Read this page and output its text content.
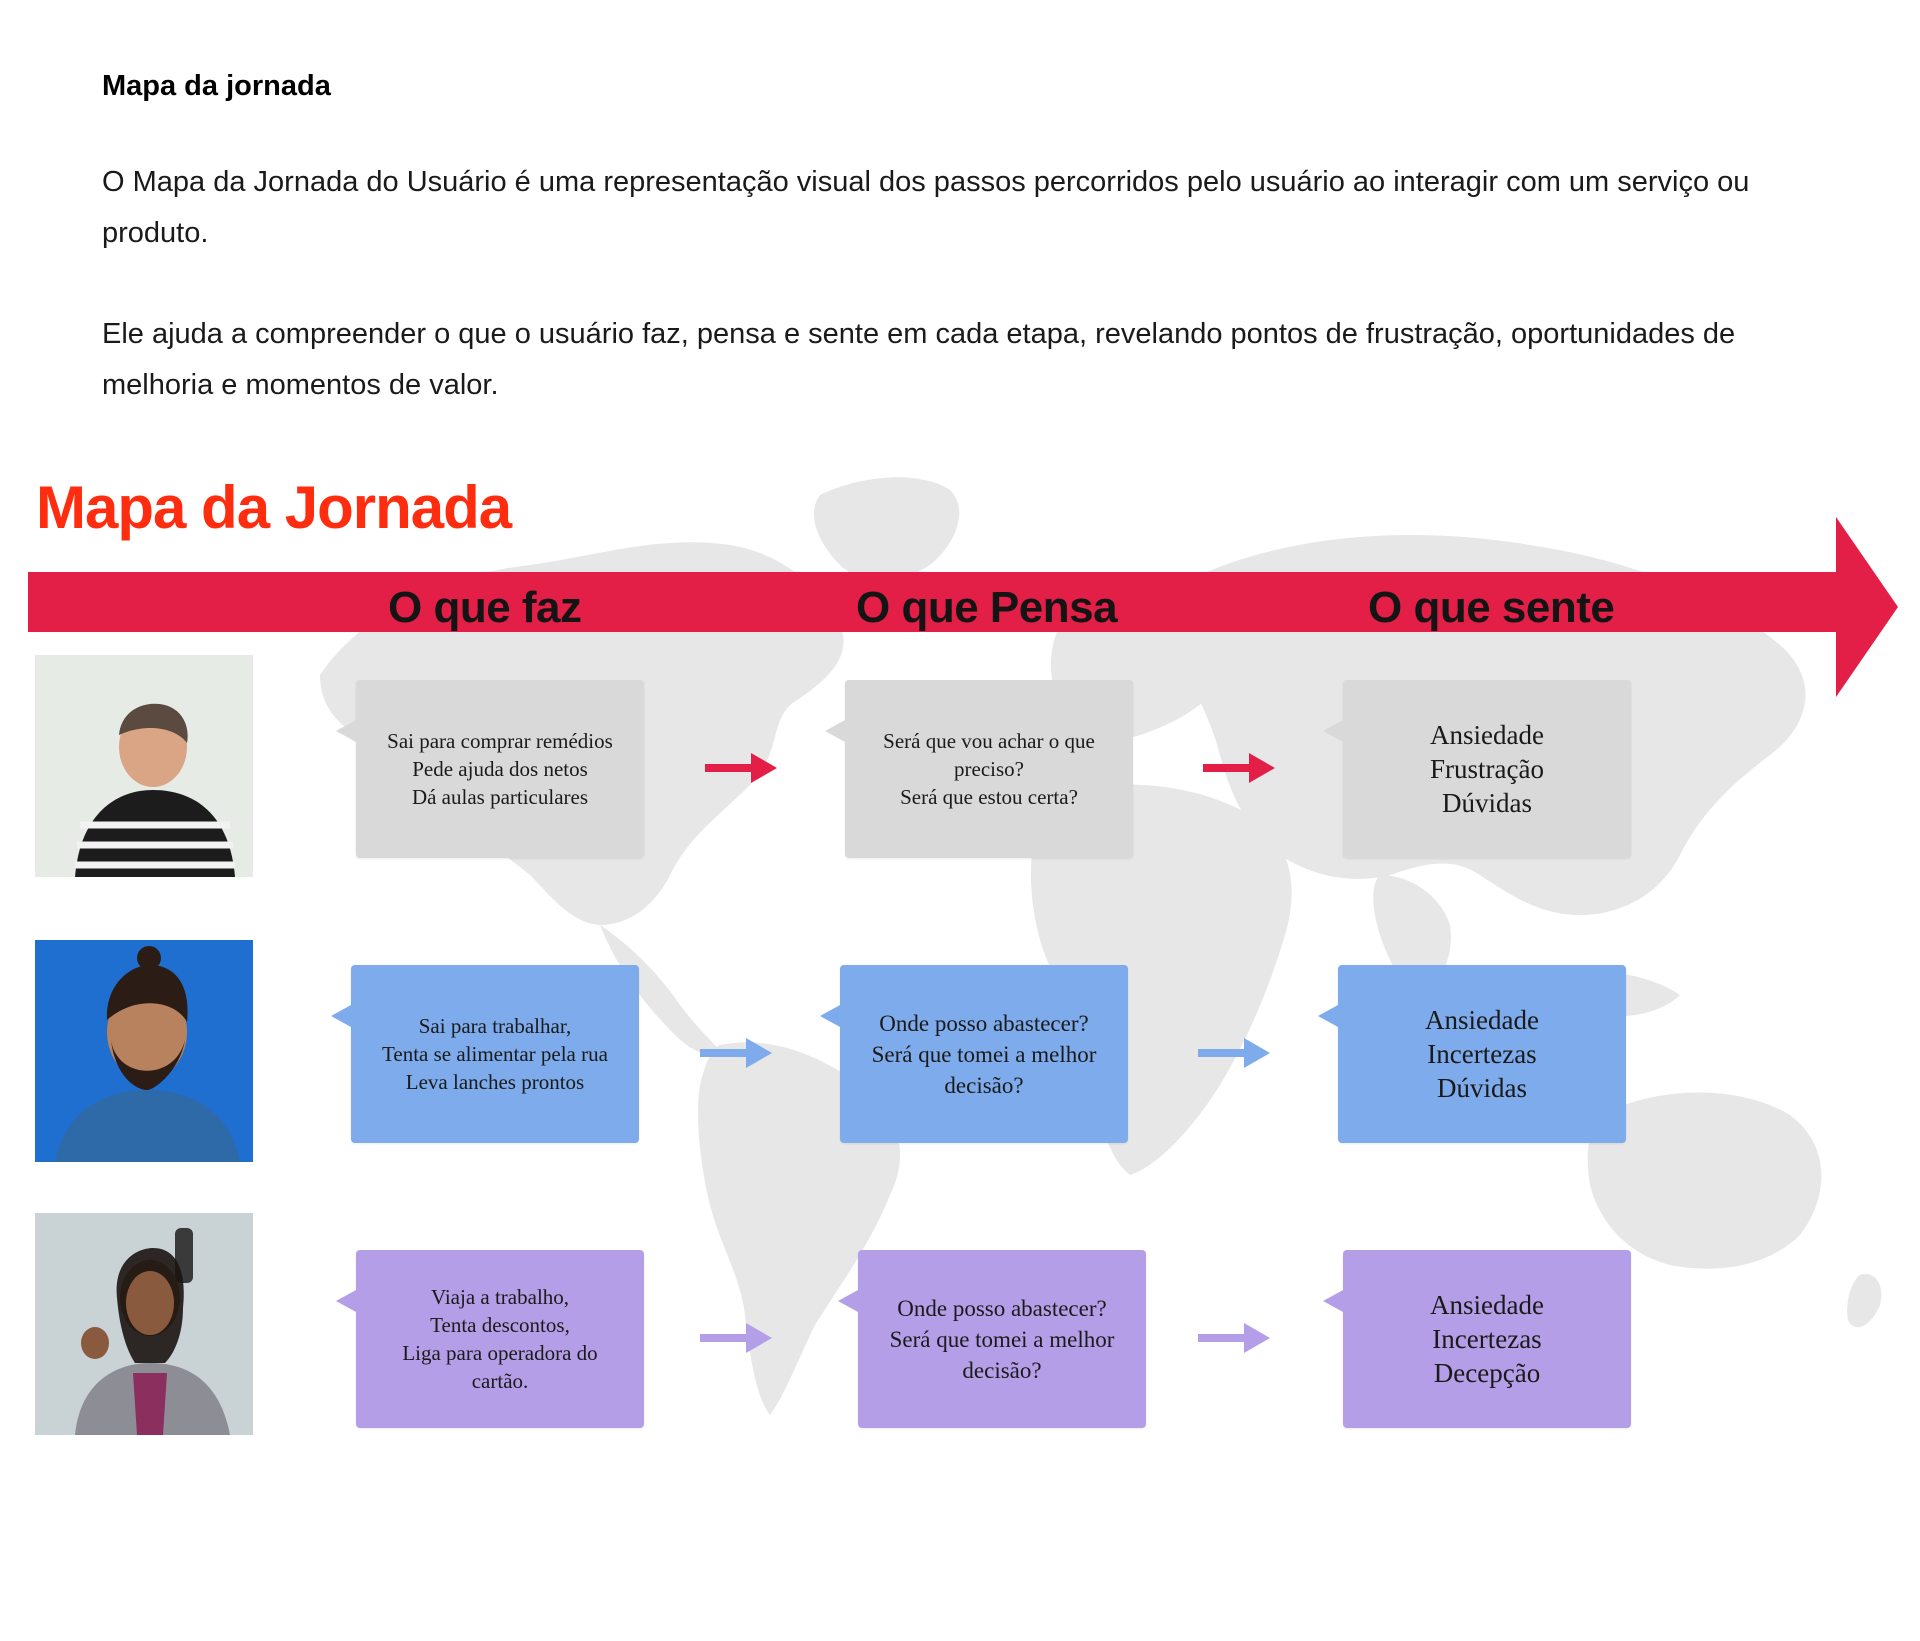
Mapa da jornada

O Mapa da Jornada do Usuário é uma representação visual dos passos percorridos pelo usuário ao interagir com um serviço ou produto.

Ele ajuda a compreender o que o usuário faz, pensa e sente em cada etapa, revelando pontos de frustração, oportunidades de melhoria e momentos de valor.

Mapa da Jornada
O que faz	O que Pensa	O que sente
Sai para comprar remédios
Pede ajuda dos netos
Dá aulas particulares
Será que vou achar o que
preciso?
Será que estou certa?
Ansiedade
Frustração
Dúvidas
Sai para trabalhar,
Tenta se alimentar pela rua
Leva lanches prontos
Onde posso abastecer?
Será que tomei a melhor
decisão?
Ansiedade
Incertezas
Dúvidas
Viaja a trabalho,
Tenta descontos,
Liga para operadora do
cartão.
Onde posso abastecer?
Será que tomei a melhor
decisão?
Ansiedade
Incertezas
Decepção
